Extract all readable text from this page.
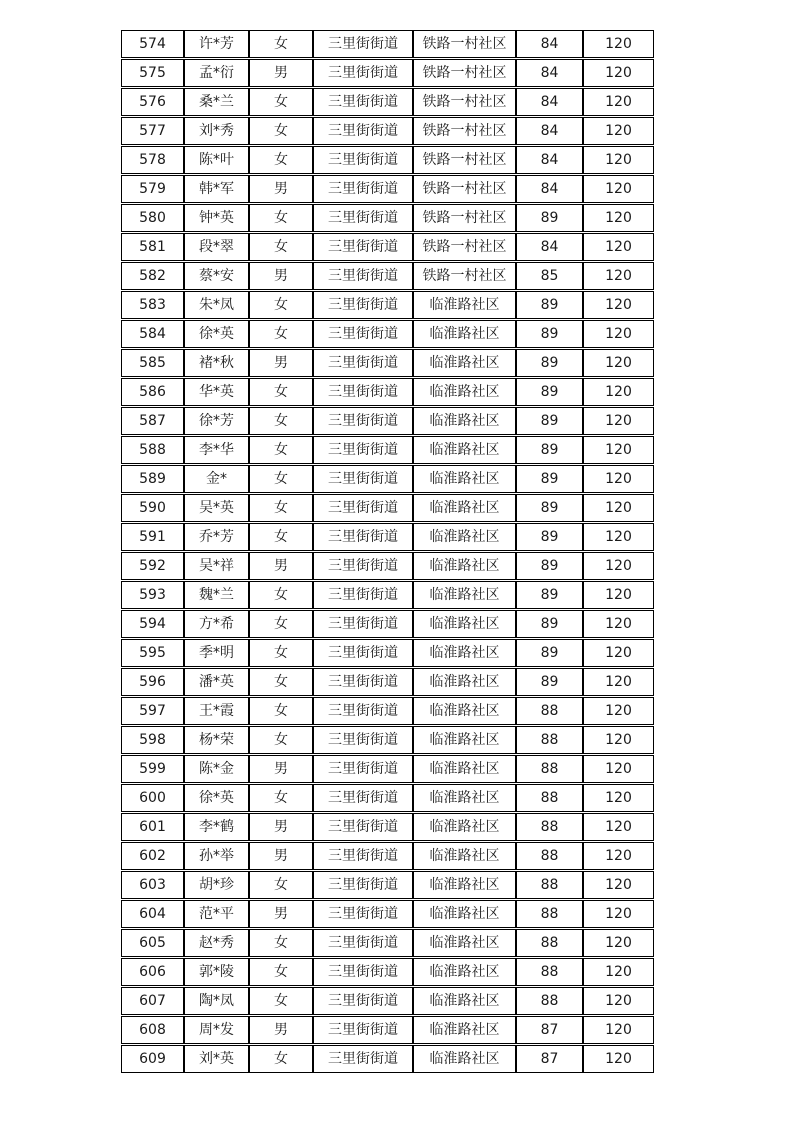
574	许*芳	女	三里街街道	铁路一村社区	84	120
575	孟*衍	男	三里街街道	铁路一村社区	84	120
576	桑*兰	女	三里街街道	铁路一村社区	84	120
577	刘*秀	女	三里街街道	铁路一村社区	84	120
578	陈*叶	女	三里街街道	铁路一村社区	84	120
579	韩*军	男	三里街街道	铁路一村社区	84	120
580	钟*英	女	三里街街道	铁路一村社区	89	120
581	段*翠	女	三里街街道	铁路一村社区	84	120
582	蔡*安	男	三里街街道	铁路一村社区	85	120
583	朱*凤	女	三里街街道	临淮路社区	89	120
584	徐*英	女	三里街街道	临淮路社区	89	120
585	褚*秋	男	三里街街道	临淮路社区	89	120
586	华*英	女	三里街街道	临淮路社区	89	120
587	徐*芳	女	三里街街道	临淮路社区	89	120
588	李*华	女	三里街街道	临淮路社区	89	120
589	金*	女	三里街街道	临淮路社区	89	120
590	吴*英	女	三里街街道	临淮路社区	89	120
591	乔*芳	女	三里街街道	临淮路社区	89	120
592	吴*祥	男	三里街街道	临淮路社区	89	120
593	魏*兰	女	三里街街道	临淮路社区	89	120
594	方*希	女	三里街街道	临淮路社区	89	120
595	季*明	女	三里街街道	临淮路社区	89	120
596	潘*英	女	三里街街道	临淮路社区	89	120
597	王*霞	女	三里街街道	临淮路社区	88	120
598	杨*荣	女	三里街街道	临淮路社区	88	120
599	陈*金	男	三里街街道	临淮路社区	88	120
600	徐*英	女	三里街街道	临淮路社区	88	120
601	李*鹤	男	三里街街道	临淮路社区	88	120
602	孙*举	男	三里街街道	临淮路社区	88	120
603	胡*珍	女	三里街街道	临淮路社区	88	120
604	范*平	男	三里街街道	临淮路社区	88	120
605	赵*秀	女	三里街街道	临淮路社区	88	120
606	郭*陵	女	三里街街道	临淮路社区	88	120
607	陶*凤	女	三里街街道	临淮路社区	88	120
608	周*发	男	三里街街道	临淮路社区	87	120
609	刘*英	女	三里街街道	临淮路社区	87	120
